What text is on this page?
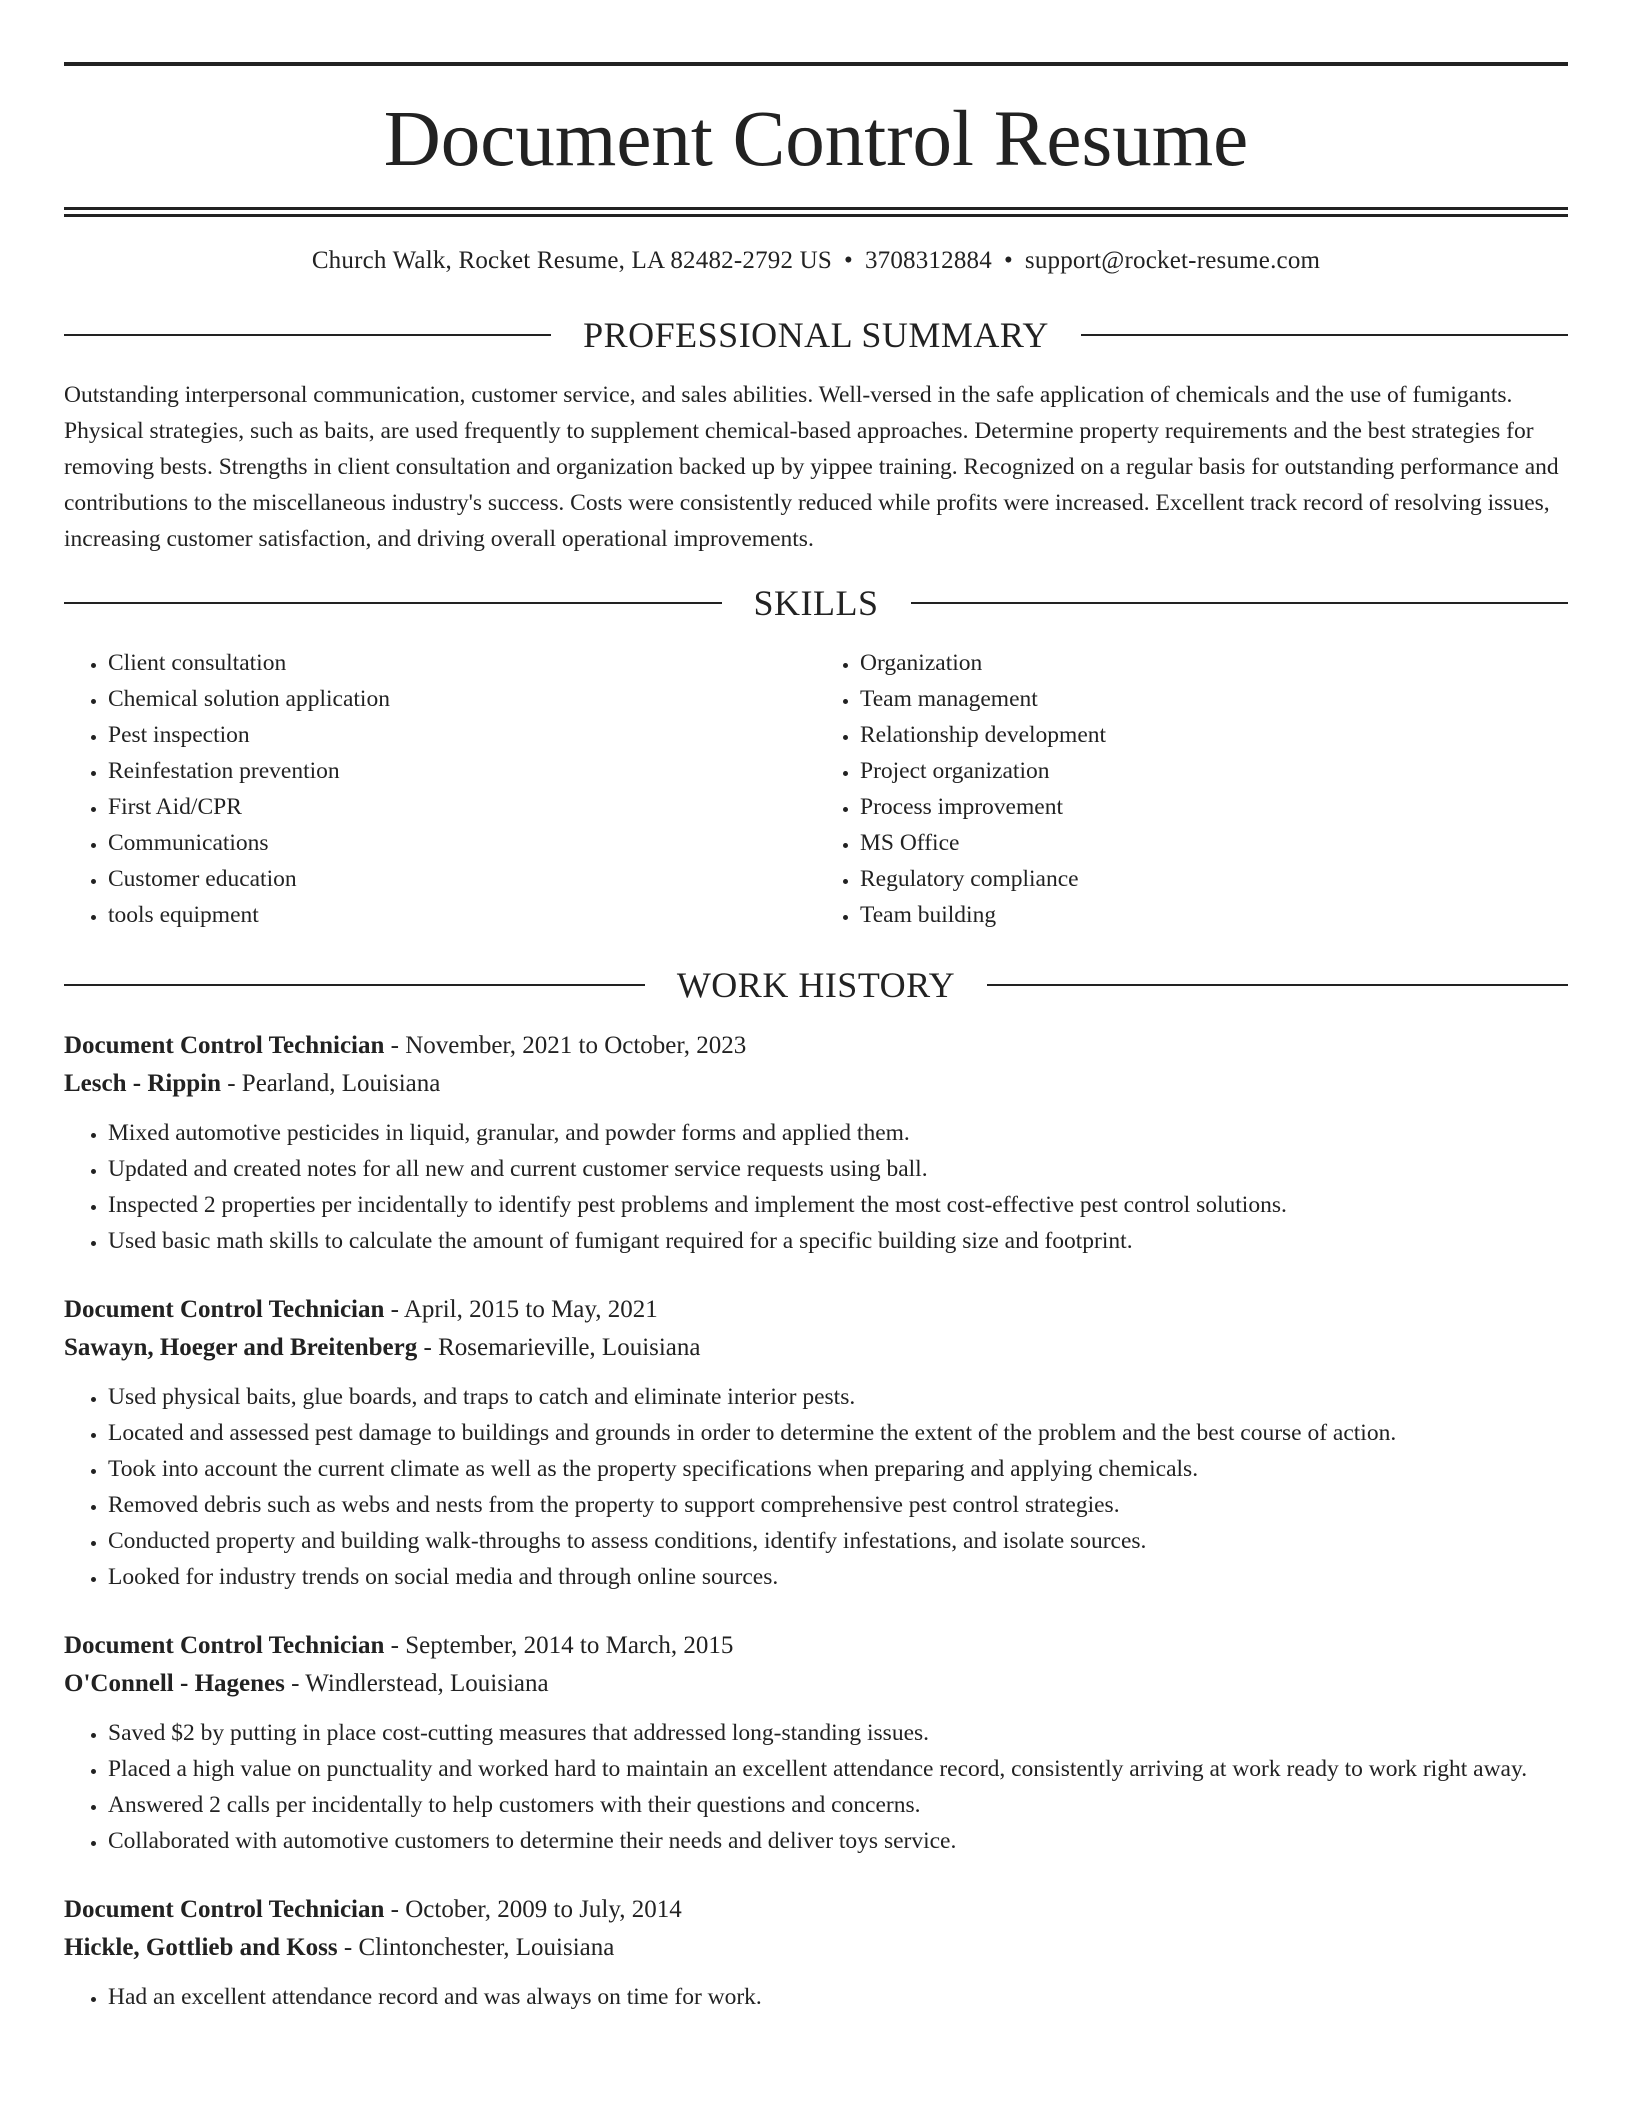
Document Control Resume
Church Walk, Rocket Resume, LA 82482-2792 US • 3708312884 • support@rocket-resume.com
PROFESSIONAL SUMMARY
Outstanding interpersonal communication, customer service, and sales abilities. Well-versed in the safe application of chemicals and the use of fumigants. Physical strategies, such as baits, are used frequently to supplement chemical-based approaches. Determine property requirements and the best strategies for removing bests. Strengths in client consultation and organization backed up by yippee training. Recognized on a regular basis for outstanding performance and contributions to the miscellaneous industry's success. Costs were consistently reduced while profits were increased. Excellent track record of resolving issues, increasing customer satisfaction, and driving overall operational improvements.
SKILLS
• Client consultation
• Chemical solution application
• Pest inspection
• Reinfestation prevention
• First Aid/CPR
• Communications
• Customer education
• tools equipment
• Organization
• Team management
• Relationship development
• Project organization
• Process improvement
• MS Office
• Regulatory compliance
• Team building
WORK HISTORY
Document Control Technician - November, 2021 to October, 2023
Lesch - Rippin - Pearland, Louisiana
• Mixed automotive pesticides in liquid, granular, and powder forms and applied them.
• Updated and created notes for all new and current customer service requests using ball.
• Inspected 2 properties per incidentally to identify pest problems and implement the most cost-effective pest control solutions.
• Used basic math skills to calculate the amount of fumigant required for a specific building size and footprint.
Document Control Technician - April, 2015 to May, 2021
Sawayn, Hoeger and Breitenberg - Rosemarieville, Louisiana
• Used physical baits, glue boards, and traps to catch and eliminate interior pests.
• Located and assessed pest damage to buildings and grounds in order to determine the extent of the problem and the best course of action.
• Took into account the current climate as well as the property specifications when preparing and applying chemicals.
• Removed debris such as webs and nests from the property to support comprehensive pest control strategies.
• Conducted property and building walk-throughs to assess conditions, identify infestations, and isolate sources.
• Looked for industry trends on social media and through online sources.
Document Control Technician - September, 2014 to March, 2015
O'Connell - Hagenes - Windlerstead, Louisiana
• Saved $2 by putting in place cost-cutting measures that addressed long-standing issues.
• Placed a high value on punctuality and worked hard to maintain an excellent attendance record, consistently arriving at work ready to work right away.
• Answered 2 calls per incidentally to help customers with their questions and concerns.
• Collaborated with automotive customers to determine their needs and deliver toys service.
Document Control Technician - October, 2009 to July, 2014
Hickle, Gottlieb and Koss - Clintonchester, Louisiana
• Had an excellent attendance record and was always on time for work.
